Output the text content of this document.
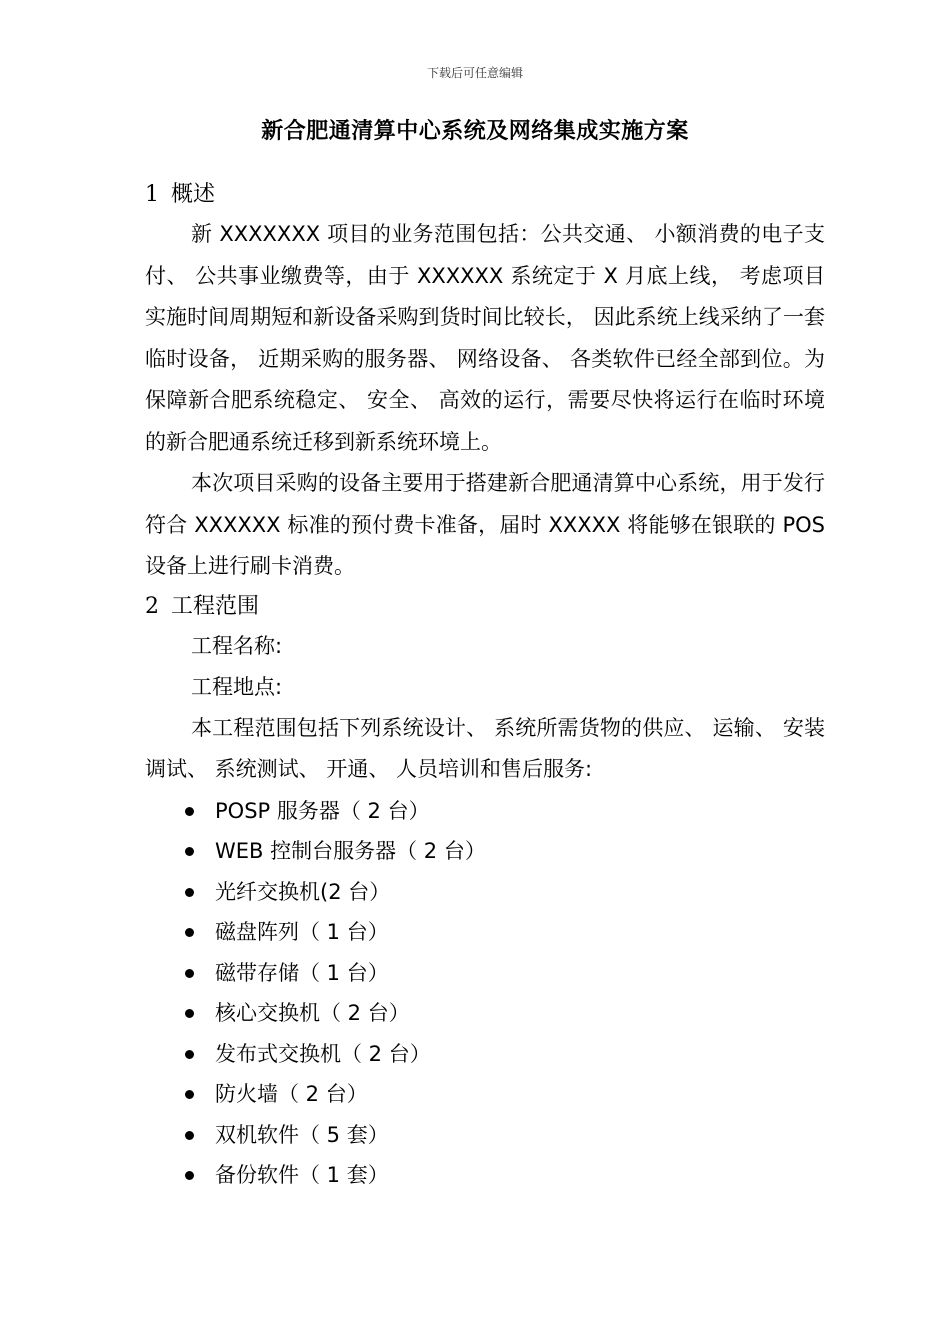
下载后可任意编辑
新合肥通清算中心系统及网络集成实施方案
1 概述

新 XXXXXXX 项目的业务范围包括：公共交通、 小额消费的电子支付、 公共事业缴费等，由于 XXXXXX 系统定于 X 月底上线， 考虑项目实施时间周期短和新设备采购到货时间比较长， 因此系统上线采纳了一套临时设备， 近期采购的服务器、 网络设备、 各类软件已经全部到位。为保障新合肥系统稳定、 安全、 高效的运行，需要尽快将运行在临时环境的新合肥通系统迁移到新系统环境上。

本次项目采购的设备主要用于搭建新合肥通清算中心系统，用于发行符合 XXXXXX 标准的预付费卡准备，届时 XXXXX 将能够在银联的 POS 设备上进行刷卡消费。

2 工程范围
工程名称:
工程地点:

本工程范围包括下列系统设计、 系统所需货物的供应、 运输、 安装调试、 系统测试、 开通、 人员培训和售后服务:

POSP 服务器（ 2 台）
WEB 控制台服务器（ 2 台）
光纤交换机(2 台）
磁盘阵列（ 1 台）
磁带存储（ 1 台）
核心交换机（ 2 台）
发布式交换机（ 2 台）
防火墙（ 2 台）
双机软件（ 5 套）
备份软件（ 1 套）
